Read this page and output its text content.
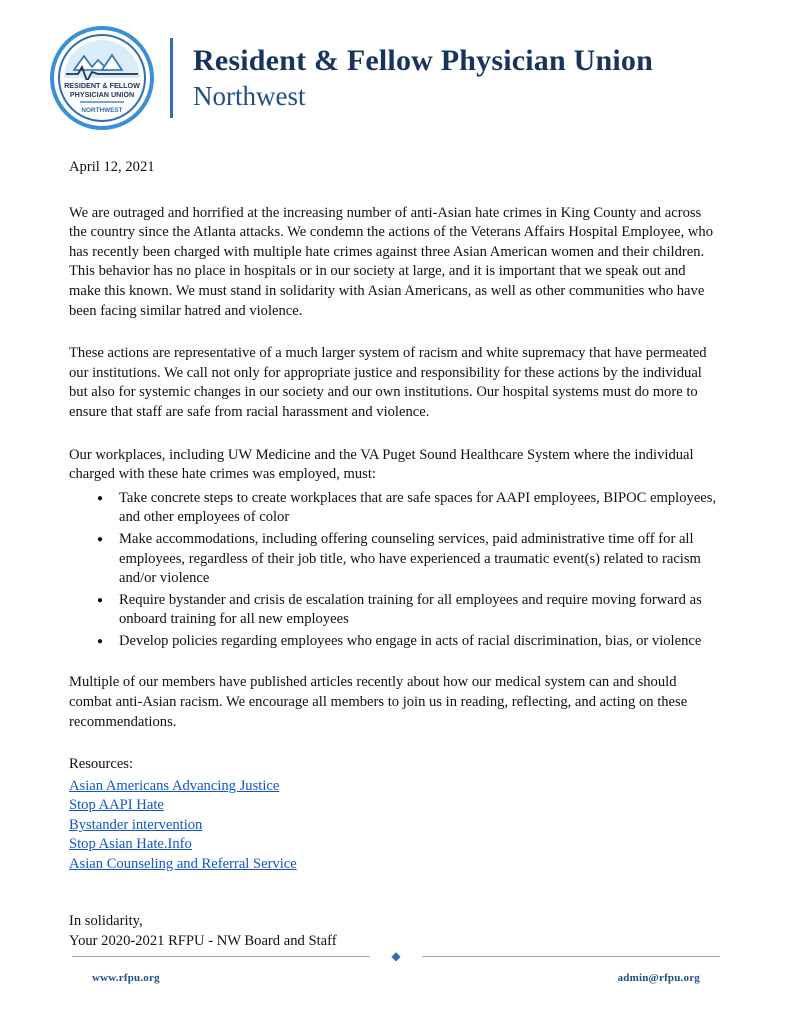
RESIDENT & FELLOW
PHYSICIAN UNION
NORTHWEST
Resident & Fellow Physician Union
Northwest
April 12, 2021

We are outraged and horrified at the increasing number of anti-Asian hate crimes in King County and across the country since the Atlanta attacks. We condemn the actions of the Veterans Affairs Hospital Employee, who has recently been charged with multiple hate crimes against three Asian American women and their children. This behavior has no place in hospitals or in our society at large, and it is important that we speak out and make this known. We must stand in solidarity with Asian Americans, as well as other communities who have been facing similar hatred and violence.

These actions are representative of a much larger system of racism and white supremacy that have permeated our institutions. We call not only for appropriate justice and responsibility for these actions by the individual but also for systemic changes in our society and our own institutions. Our hospital systems must do more to ensure that staff are safe from racial harassment and violence.

Our workplaces, including UW Medicine and the VA Puget Sound Healthcare System where the individual charged with these hate crimes was employed, must:

● Take concrete steps to create workplaces that are safe spaces for AAPI employees, BIPOC employees, and other employees of color
● Make accommodations, including offering counseling services, paid administrative time off for all employees, regardless of their job title, who have experienced a traumatic event(s) related to racism and/or violence
● Require bystander and crisis de escalation training for all employees and require moving forward as onboard training for all new employees
● Develop policies regarding employees who engage in acts of racial discrimination, bias, or violence

Multiple of our members have published articles recently about how our medical system can and should combat anti-Asian racism. We encourage all members to join us in reading, reflecting, and acting on these recommendations.

Resources:
Asian Americans Advancing Justice
Stop AAPI Hate
Bystander intervention
Stop Asian Hate.Info
Asian Counseling and Referral Service
In solidarity,
Your 2020-2021 RFPU - NW Board and Staff
◆
www.rfpu.org	admin@rfpu.org
